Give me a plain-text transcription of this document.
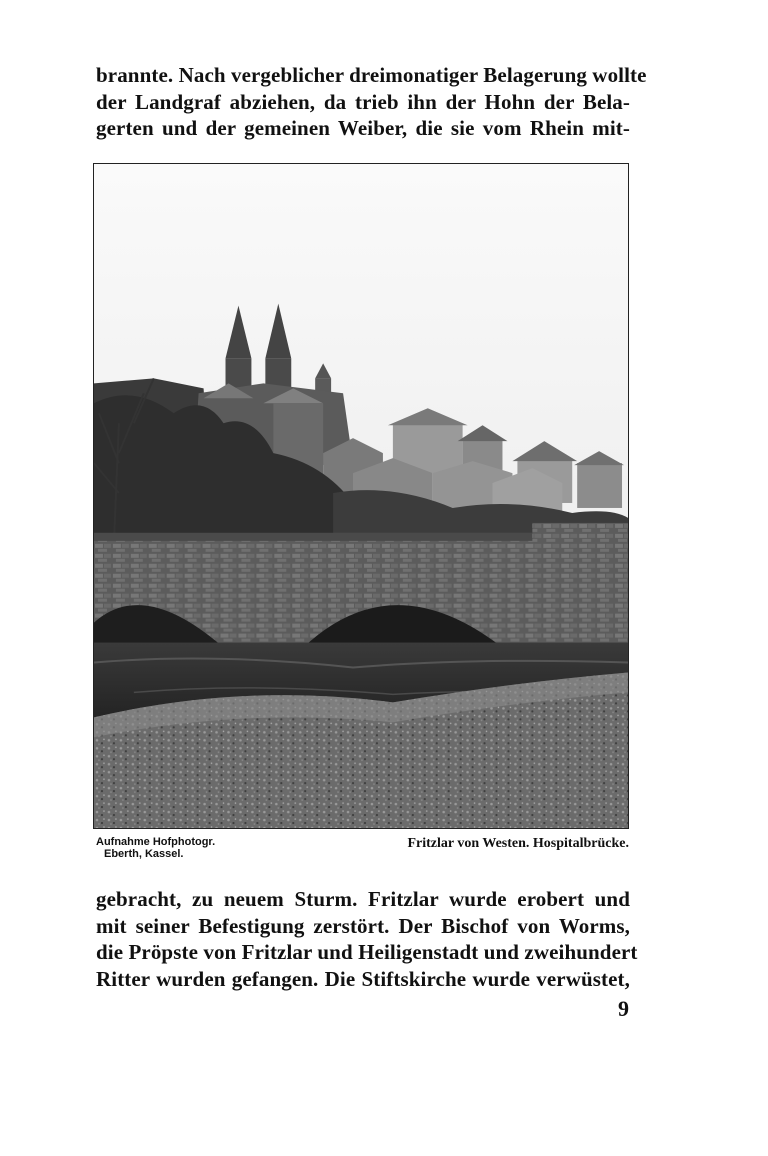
brannte. Nach vergeblicher dreimonatiger Belagerung wollte
der Landgraf abziehen, da trieb ihn der Hohn der Bela-
gerten und der gemeinen Weiber, die sie vom Rhein mit-
Aufnahme Hofphotogr.
Eberth, Kassel.
Fritzlar von Westen. Hospitalbrücke.
gebracht, zu neuem Sturm. Fritzlar wurde erobert und
mit seiner Befestigung zerstört. Der Bischof von Worms,
die Pröpste von Fritzlar und Heiligenstadt und zweihundert
Ritter wurden gefangen. Die Stiftskirche wurde verwüstet,
9
